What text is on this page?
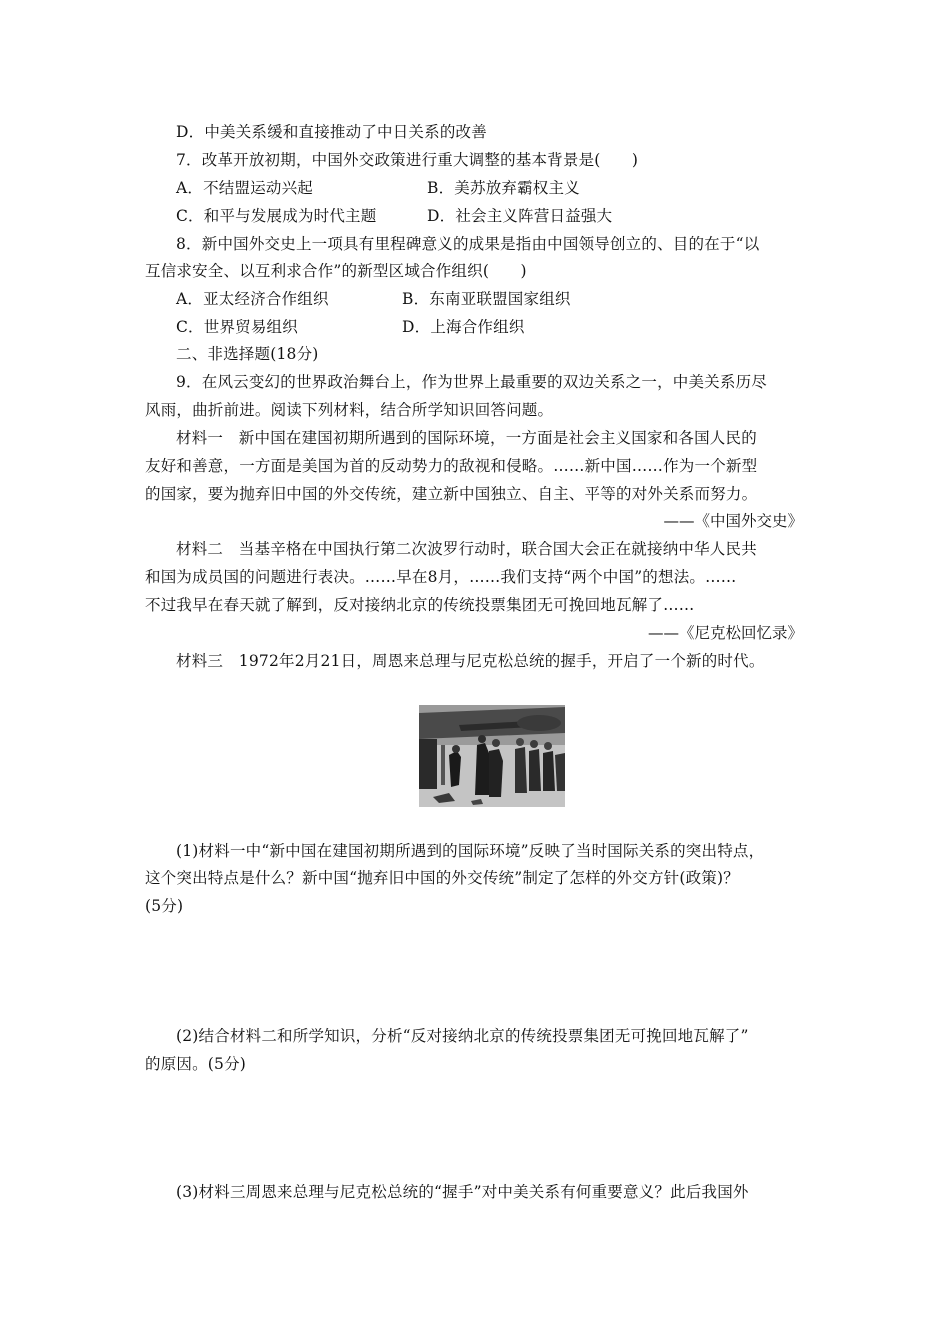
D．中美关系缓和直接推动了中日关系的改善
7．改革开放初期，中国外交政策进行重大调整的基本背景是(　　)
A．不结盟运动兴起	B．美苏放弃霸权主义
C．和平与发展成为时代主题	D．社会主义阵营日益强大
8．新中国外交史上一项具有里程碑意义的成果是指由中国领导创立的、目的在于“以
互信求安全、以互利求合作”的新型区域合作组织(　　)
A．亚太经济合作组织	B．东南亚联盟国家组织
C．世界贸易组织	D．上海合作组织
二、非选择题(18分)
9．在风云变幻的世界政治舞台上，作为世界上最重要的双边关系之一，中美关系历尽
风雨，曲折前进。阅读下列材料，结合所学知识回答问题。
材料一　新中国在建国初期所遇到的国际环境，一方面是社会主义国家和各国人民的
友好和善意，一方面是美国为首的反动势力的敌视和侵略。……新中国……作为一个新型
的国家，要为抛弃旧中国的外交传统，建立新中国独立、自主、平等的对外关系而努力。
——《中国外交史》
材料二　当基辛格在中国执行第二次波罗行动时，联合国大会正在就接纳中华人民共
和国为成员国的问题进行表决。……早在8月，……我们支持“两个中国”的想法。……
不过我早在春天就了解到，反对接纳北京的传统投票集团无可挽回地瓦解了……
——《尼克松回忆录》
材料三　1972年2月21日，周恩来总理与尼克松总统的握手，开启了一个新的时代。
(1)材料一中“新中国在建国初期所遇到的国际环境”反映了当时国际关系的突出特点，
这个突出特点是什么？新中国“抛弃旧中国的外交传统”制定了怎样的外交方针(政策)？
(5分)
(2)结合材料二和所学知识，分析“反对接纳北京的传统投票集团无可挽回地瓦解了”
的原因。(5分)
(3)材料三周恩来总理与尼克松总统的“握手”对中美关系有何重要意义？此后我国外
